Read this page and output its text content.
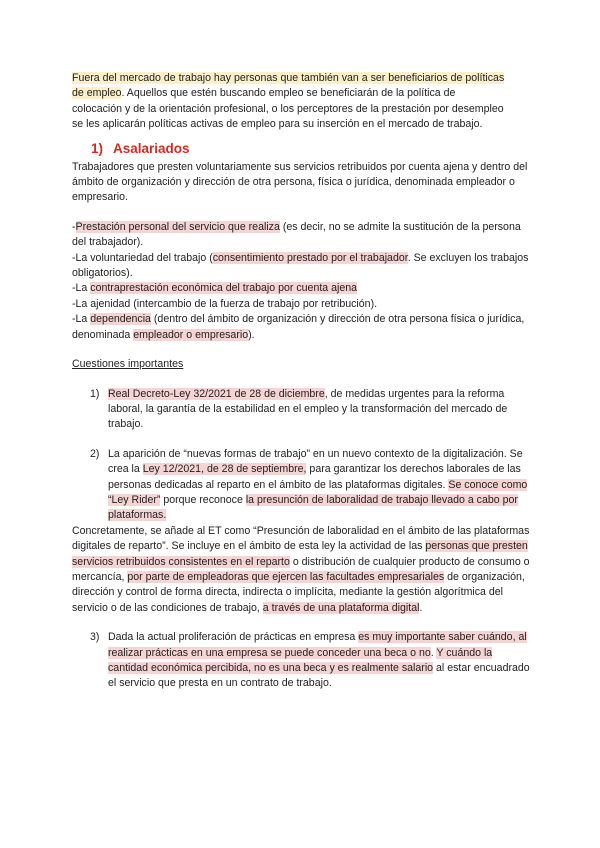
Fuera del mercado de trabajo hay personas que también van a ser beneficiarios de políticas
de empleo. Aquellos que estén buscando empleo se beneficiarán de la política de
colocación y de la orientación profesional, o los perceptores de la prestación por desempleo
se les aplicarán políticas activas de empleo para su inserción en el mercado de trabajo.

1) Asalariados

Trabajadores que presten voluntariamente sus servicios retribuidos por cuenta ajena y dentro del ámbito de organización y dirección de otra persona, física o jurídica, denominada empleador o empresario.

-Prestación personal del servicio que realiza (es decir, no se admite la sustitución de la persona del trabajador).

-La voluntariedad del trabajo (consentimiento prestado por el trabajador. Se excluyen los trabajos obligatorios).

-La contraprestación económica del trabajo por cuenta ajena

-La ajenidad (intercambio de la fuerza de trabajo por retribución).

-La dependencia (dentro del ámbito de organización y dirección de otra persona física o jurídica, denominada empleador o empresario).

Cuestiones importantes

1) Real Decreto-Ley 32/2021 de 28 de diciembre, de medidas urgentes para la reforma laboral, la garantía de la estabilidad en el empleo y la transformación del mercado de trabajo.
2) La aparición de “nuevas formas de trabajo” en un nuevo contexto de la digitalización. Se crea la Ley 12/2021, de 28 de septiembre, para garantizar los derechos laborales de las personas dedicadas al reparto en el ámbito de las plataformas digitales. Se conoce como “Ley Rider” porque reconoce la presunción de laboralidad de trabajo llevado a cabo por plataformas.

Concretamente, se añade al ET como “Presunción de laboralidad en el ámbito de las plataformas digitales de reparto”. Se incluye en el ámbito de esta ley la actividad de las personas que presten servicios retribuidos consistentes en el reparto o distribución de cualquier producto de consumo o mercancía, por parte de empleadoras que ejercen las facultades empresariales de organización, dirección y control de forma directa, indirecta o implícita, mediante la gestión algorítmica del servicio o de las condiciones de trabajo, a través de una plataforma digital.

3) Dada la actual proliferación de prácticas en empresa es muy importante saber cuándo, al realizar prácticas en una empresa se puede conceder una beca o no. Y cuándo la cantidad económica percibida, no es una beca y es realmente salario al estar encuadrado el servicio que presta en un contrato de trabajo.
